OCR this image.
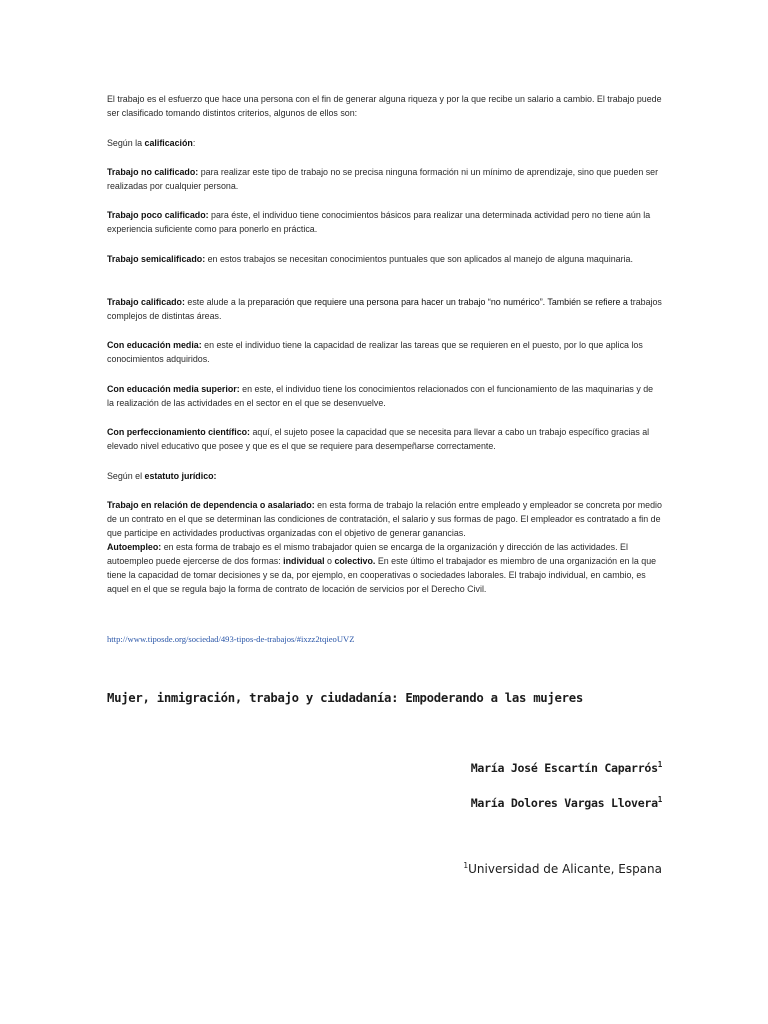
El trabajo es el esfuerzo que hace una persona con el fin de generar alguna riqueza y por la que recibe un salario a cambio. El trabajo puede ser clasificado tomando distintos criterios, algunos de ellos son:
Según la calificación:
Trabajo no calificado: para realizar este tipo de trabajo no se precisa ninguna formación ni un mínimo de aprendizaje, sino que pueden ser realizadas por cualquier persona.
Trabajo poco calificado: para éste, el individuo tiene conocimientos básicos para realizar una determinada actividad pero no tiene aún la experiencia suficiente como para ponerlo en práctica.
Trabajo semicalificado: en estos trabajos se necesitan conocimientos puntuales que son aplicados al manejo de alguna maquinaria.
Trabajo calificado: este alude a la preparación que requiere una persona para hacer un trabajo “no numérico”. También se refiere a trabajos complejos de distintas áreas.
Con educación media: en este el individuo tiene la capacidad de realizar las tareas que se requieren en el puesto, por lo que aplica los conocimientos adquiridos.
Con educación media superior: en este, el individuo tiene los conocimientos relacionados con el funcionamiento de las maquinarias y de la realización de las actividades en el sector en el que se desenvuelve.
Con perfeccionamiento científico: aquí, el sujeto posee la capacidad que se necesita para llevar a cabo un trabajo específico gracias al elevado nivel educativo que posee y que es el que se requiere para desempeñarse correctamente.
Según el estatuto jurídico:
Trabajo en relación de dependencia o asalariado: en esta forma de trabajo la relación entre empleado y empleador se concreta por medio de un contrato en el que se determinan las condiciones de contratación, el salario y sus formas de pago. El empleador es contratado a fin de que participe en actividades productivas organizadas con el objetivo de generar ganancias.
Autoempleo: en esta forma de trabajo es el mismo trabajador quien se encarga de la organización y dirección de las actividades. El autoempleo puede ejercerse de dos formas: individual o colectivo. En este último el trabajador es miembro de una organización en la que tiene la capacidad de tomar decisiones y se da, por ejemplo, en cooperativas o sociedades laborales. El trabajo individual, en cambio, es aquel en el que se regula bajo la forma de contrato de locación de servicios por el Derecho Civil.
http://www.tiposde.org/sociedad/493-tipos-de-trabajos/#ixzz2tqieoUVZ
Mujer, inmigración, trabajo y ciudadanía: Empoderando a las mujeres
María José Escartín Caparrós$^1$
María Dolores Vargas Llovera$^1$
$^1$Universidad de Alicante, Espana
